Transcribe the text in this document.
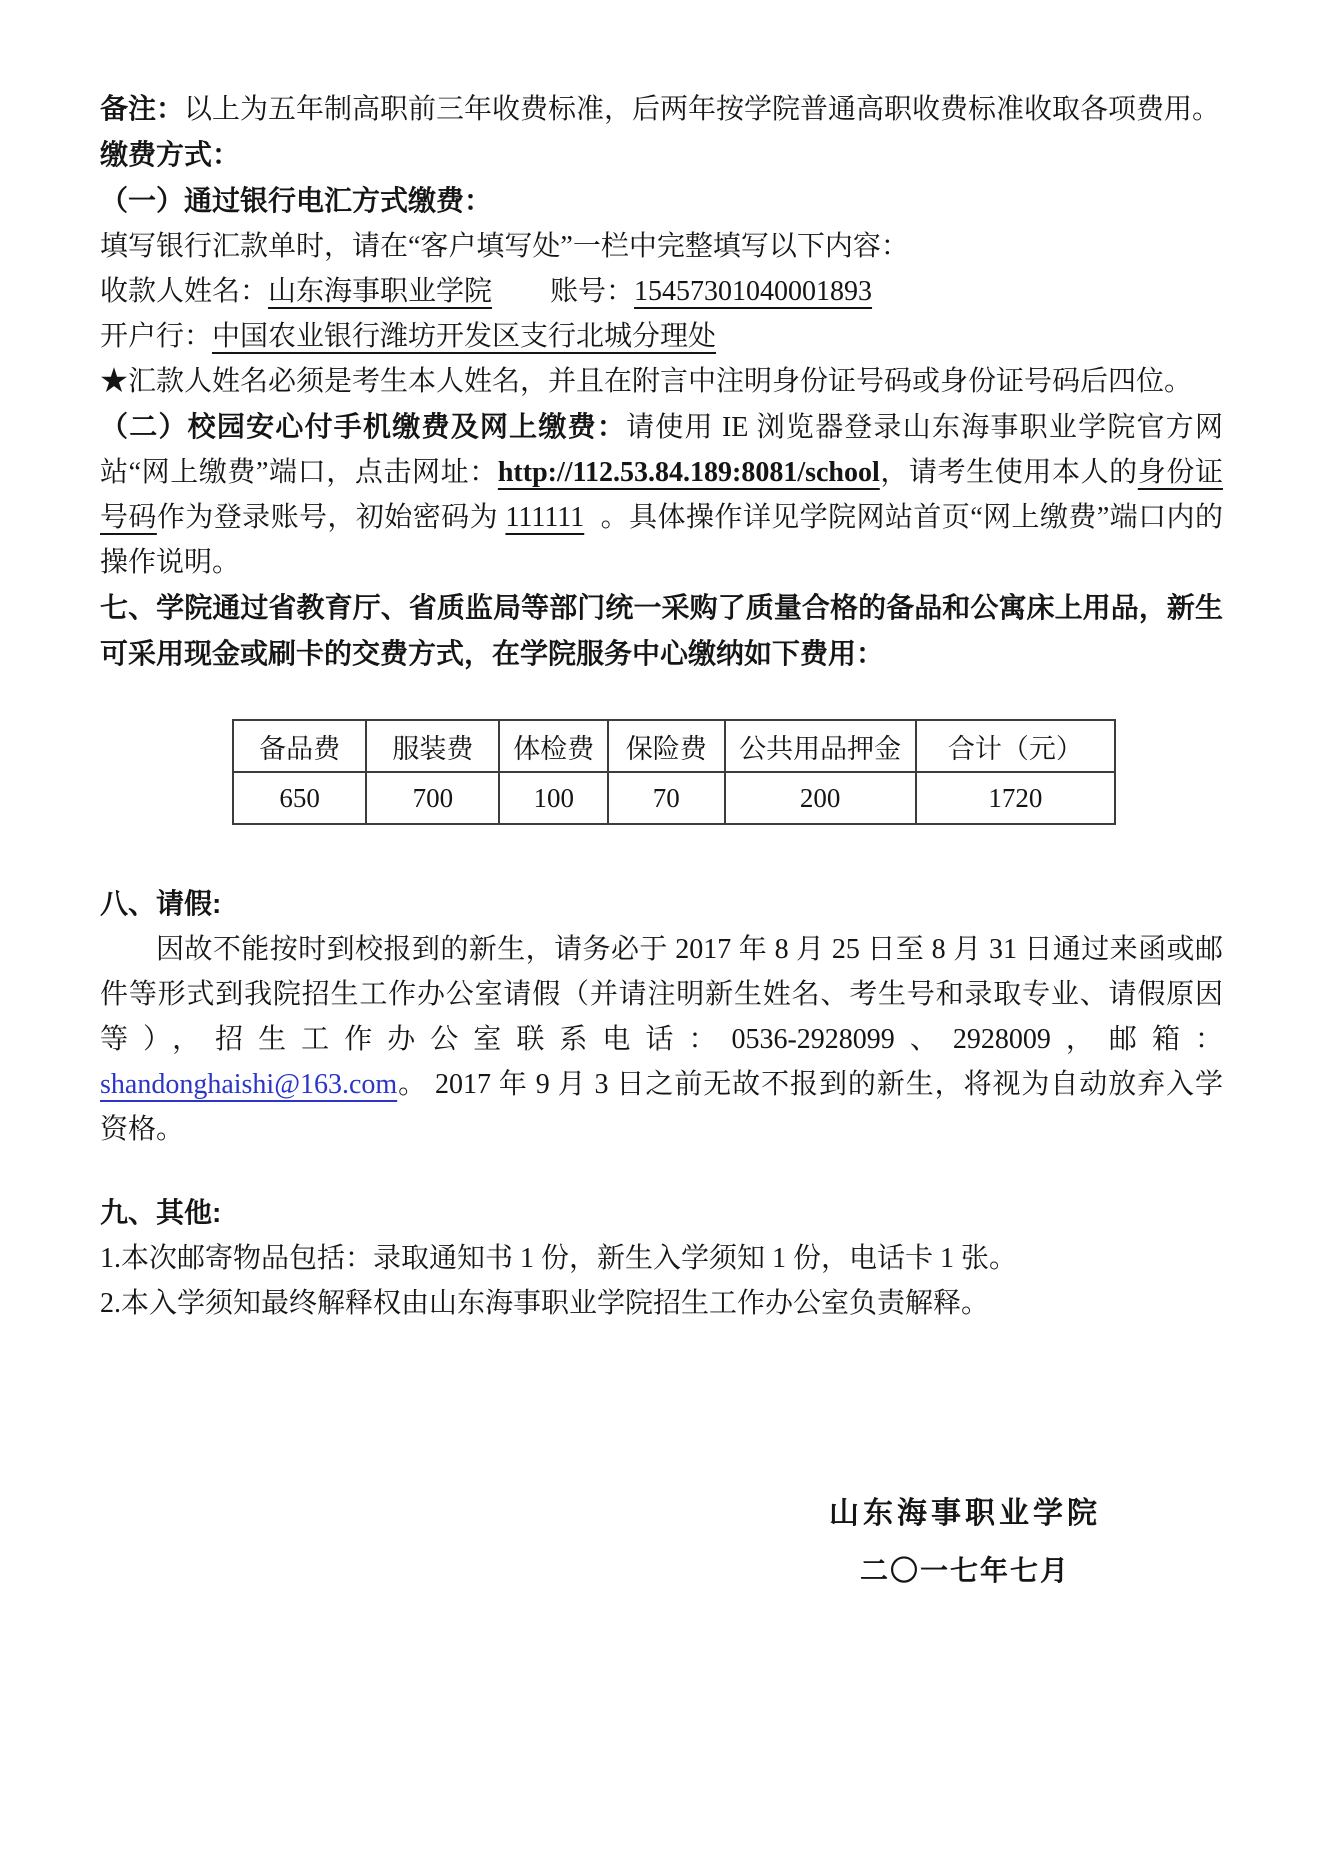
备注：以上为五年制高职前三年收费标准，后两年按学院普通高职收费标准收取各项费用。

缴费方式：

（一）通过银行电汇方式缴费：

填写银行汇款单时，请在“客户填写处”一栏中完整填写以下内容：

收款人姓名：山东海事职业学院 账号：15457301040001893

开户行：中国农业银行潍坊开发区支行北城分理处

★汇款人姓名必须是考生本人姓名，并且在附言中注明身份证号码或身份证号码后四位。

（二）校园安心付手机缴费及网上缴费：请使用 IE 浏览器登录山东海事职业学院官方网站“网上缴费”端口，点击网址：http://112.53.84.189:8081/school，请考生使用本人的身份证号码作为登录账号，初始密码为 111111 。具体操作详见学院网站首页“网上缴费”端口内的操作说明。

七、学院通过省教育厅、省质监局等部门统一采购了质量合格的备品和公寓床上用品，新生可采用现金或刷卡的交费方式，在学院服务中心缴纳如下费用：

备品费	服装费	体检费	保险费	公共用品押金	合计（元）
650	700	100	70	200	1720

八、请假:

因故不能按时到校报到的新生，请务必于 2017 年 8 月 25 日至 8 月 31 日通过来函或邮件等形式到我院招生工作办公室请假（并请注明新生姓名、考生号和录取专业、请假原因等），招生工作办公室联系电话：0536-2928099、2928009，邮箱：shandonghaishi@163.com。 2017 年 9 月 3 日之前无故不报到的新生，将视为自动放弃入学资格。

九、其他:

1.本次邮寄物品包括：录取通知书 1 份，新生入学须知 1 份，电话卡 1 张。

2.本入学须知最终解释权由山东海事职业学院招生工作办公室负责解释。

山东海事职业学院
二〇一七年七月
